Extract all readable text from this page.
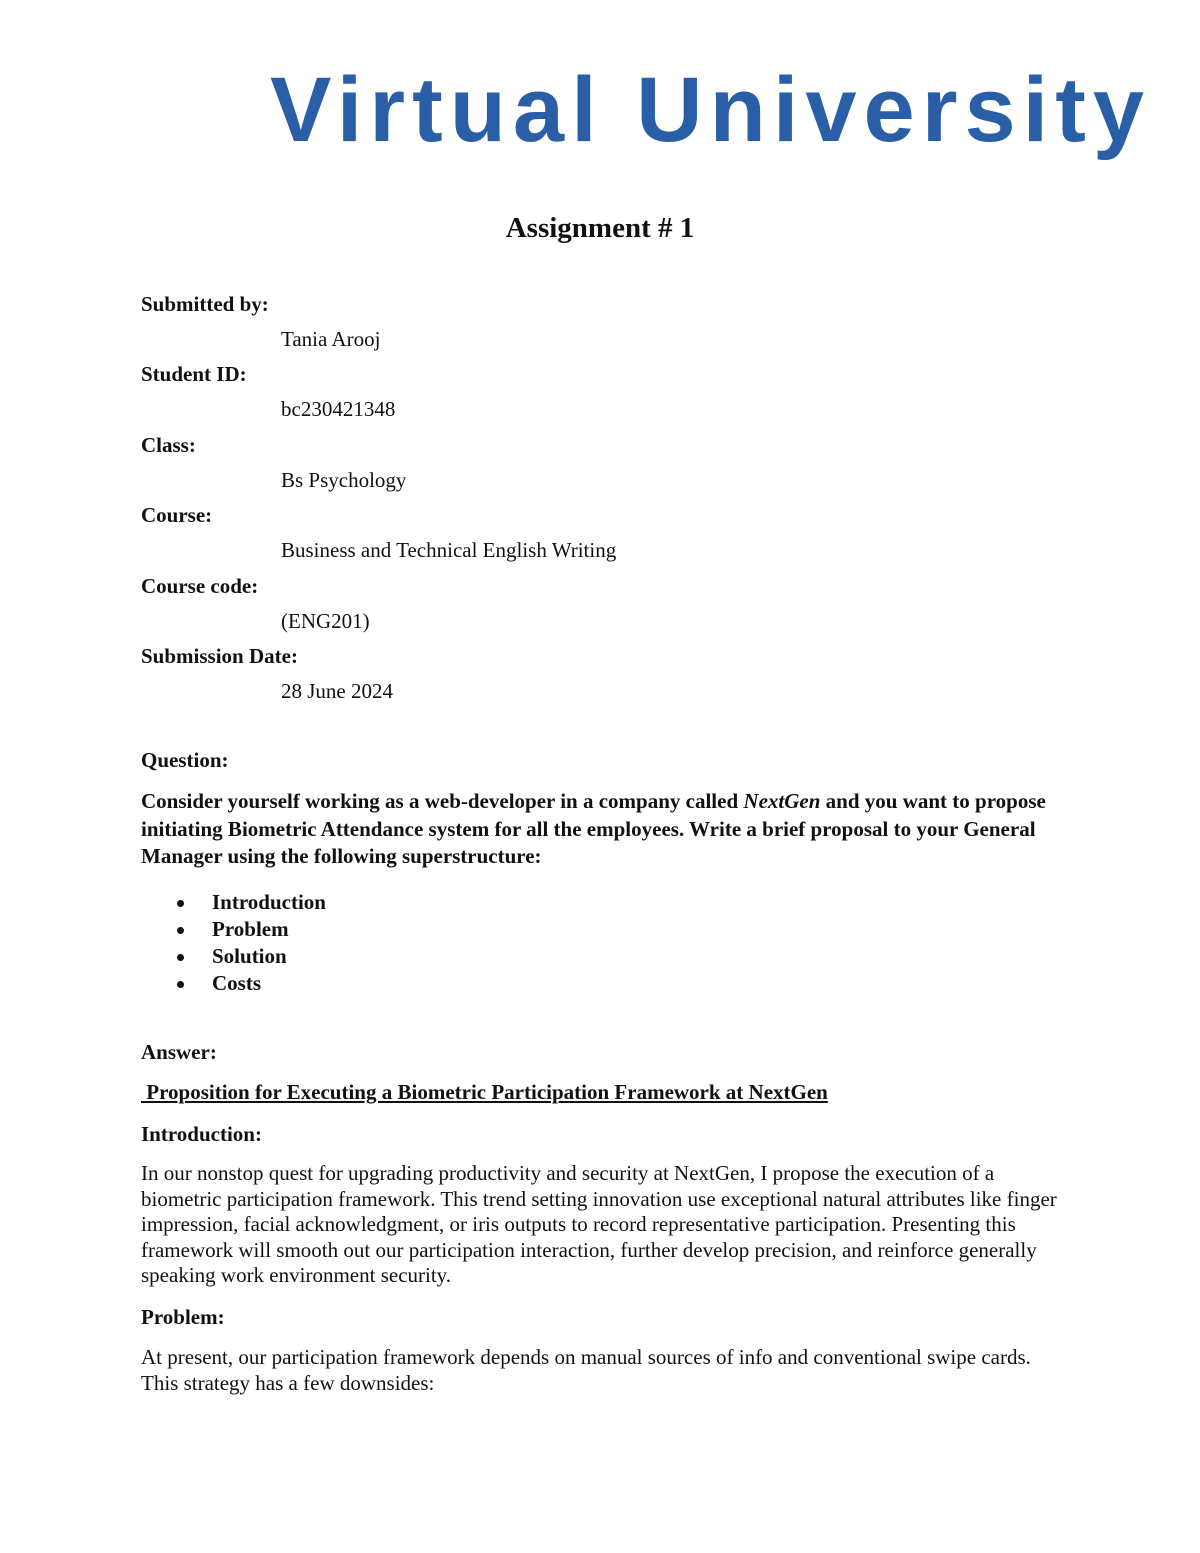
Virtual University
Assignment # 1
Submitted by:
Tania Arooj
Student ID:
bc230421348
Class:
Bs Psychology
Course:
Business and Technical English Writing
Course code:
(ENG201)
Submission Date:
28 June 2024
Question:
Consider yourself working as a web-developer in a company called NextGen and you want to propose initiating Biometric Attendance system for all the employees. Write a brief proposal to your General Manager using the following superstructure:
Introduction
Problem
Solution
Costs
Answer:
Proposition for Executing a Biometric Participation Framework at NextGen
Introduction:
In our nonstop quest for upgrading productivity and security at NextGen, I propose the execution of a biometric participation framework. This trend setting innovation use exceptional natural attributes like finger impression, facial acknowledgment, or iris outputs to record representative participation. Presenting this framework will smooth out our participation interaction, further develop precision, and reinforce generally speaking work environment security.
Problem:
At present, our participation framework depends on manual sources of info and conventional swipe cards. This strategy has a few downsides:
